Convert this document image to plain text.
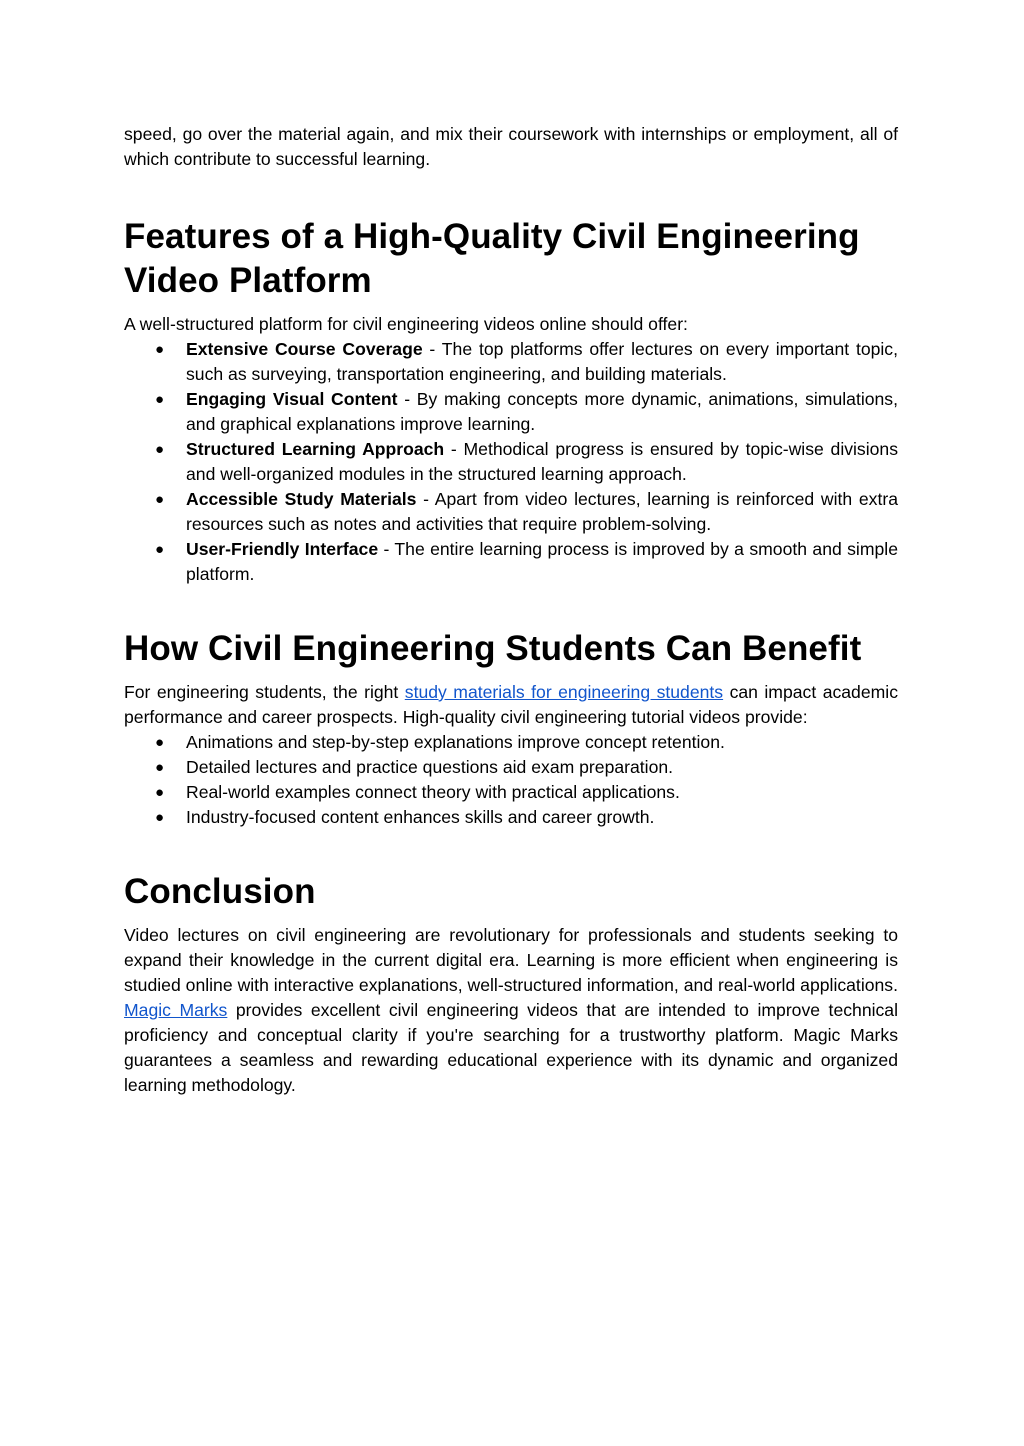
speed, go over the material again, and mix their coursework with internships or employment, all of which contribute to successful learning.

Features of a High-Quality Civil Engineering Video Platform

A well-structured platform for civil engineering videos online should offer:

● Extensive Course Coverage - The top platforms offer lectures on every important topic, such as surveying, transportation engineering, and building materials.
● Engaging Visual Content - By making concepts more dynamic, animations, simulations, and graphical explanations improve learning.
● Structured Learning Approach - Methodical progress is ensured by topic-wise divisions and well-organized modules in the structured learning approach.
● Accessible Study Materials - Apart from video lectures, learning is reinforced with extra resources such as notes and activities that require problem-solving.
● User-Friendly Interface - The entire learning process is improved by a smooth and simple platform.
How Civil Engineering Students Can Benefit

For engineering students, the right study materials for engineering students can impact academic performance and career prospects. High-quality civil engineering tutorial videos provide:

● Animations and step-by-step explanations improve concept retention.
● Detailed lectures and practice questions aid exam preparation.
● Real-world examples connect theory with practical applications.
● Industry-focused content enhances skills and career growth.
Conclusion

Video lectures on civil engineering are revolutionary for professionals and students seeking to expand their knowledge in the current digital era. Learning is more efficient when engineering is studied online with interactive explanations, well-structured information, and real-world applications. Magic Marks provides excellent civil engineering videos that are intended to improve technical proficiency and conceptual clarity if you're searching for a trustworthy platform. Magic Marks guarantees a seamless and rewarding educational experience with its dynamic and organized learning methodology.
